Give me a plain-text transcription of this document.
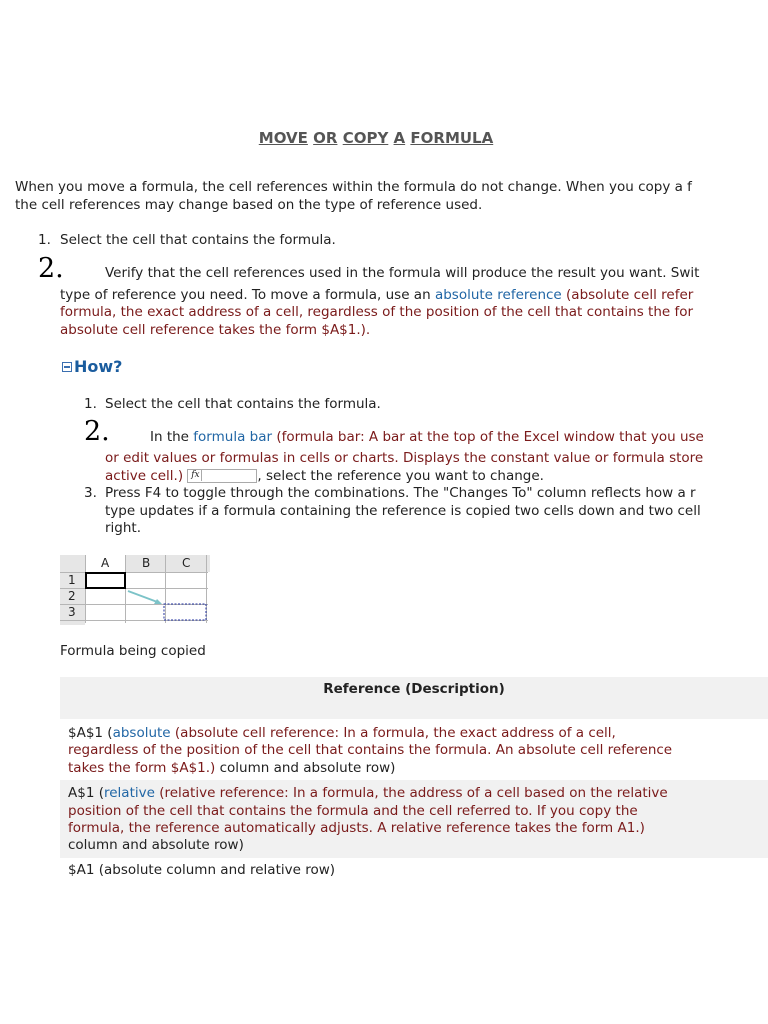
MOVE OR COPY A FORMULA
When you move a formula, the cell references within the formula do not change. When you copy a f
the cell references may change based on the type of reference used.
1. Select the cell that contains the formula.
2.	Verify that the cell references used in the formula will produce the result you want. Swit
type of reference you need. To move a formula, use an absolute reference (absolute cell refer
formula, the exact address of a cell, regardless of the position of the cell that contains the for
absolute cell reference takes the form $A$1.).
How?
1. Select the cell that contains the formula.
2.	In the formula bar (formula bar: A bar at the top of the Excel window that you use
or edit values or formulas in cells or charts. Displays the constant value or formula store
active cell.) fx	, select the reference you want to change.
3. Press F4 to toggle through the combinations. The "Changes To" column reflects how a r
type updates if a formula containing the reference is copied two cells down and two cell
right.
A	B	C
1
2
3
Formula being copied
Reference (Description)
$A$1 (absolute (absolute cell reference: In a formula, the exact address of a cell,
regardless of the position of the cell that contains the formula. An absolute cell reference
takes the form $A$1.) column and absolute row)
A$1 (relative (relative reference: In a formula, the address of a cell based on the relative
position of the cell that contains the formula and the cell referred to. If you copy the
formula, the reference automatically adjusts. A relative reference takes the form A1.)
column and absolute row)
$A1 (absolute column and relative row)
